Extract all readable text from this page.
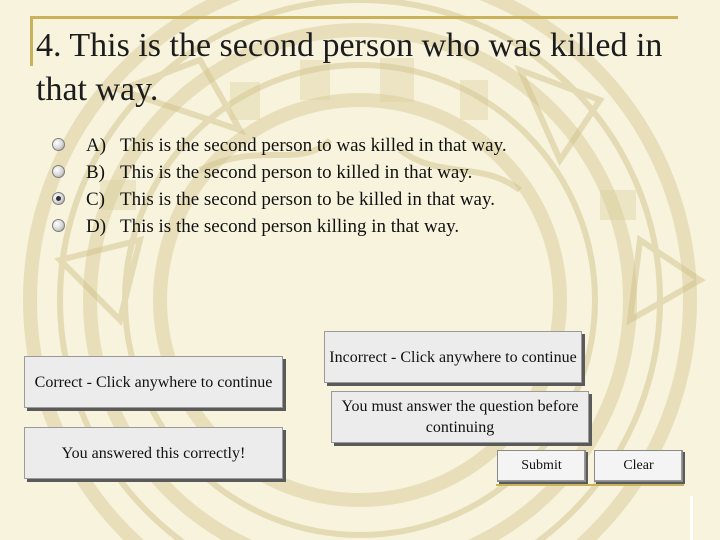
4. This is the second person who was killed in that way.
A) This is the second person to was killed in that way.
B) This is the second person to killed in that way.
C) This is the second person to be killed in that way.
D) This is the second person killing in that way.
Correct - Click anywhere to continue
You answered this correctly!
Incorrect - Click anywhere to continue
You must answer the question before continuing
Submit	Clear
